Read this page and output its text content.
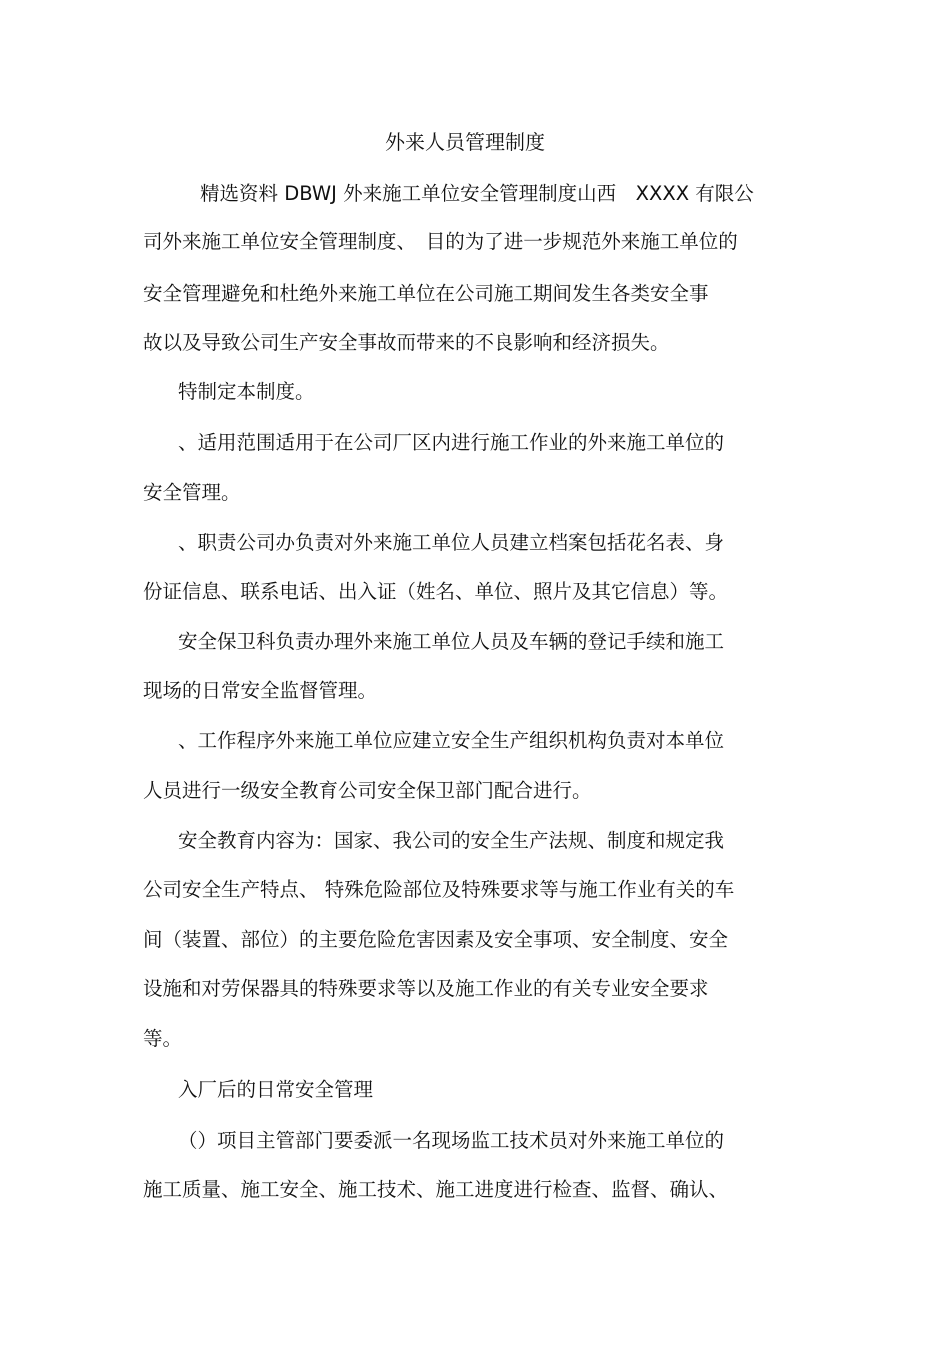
外来人员管理制度
精选资料 DBWJ 外来施工单位安全管理制度山西　XXXX 有限公
司外来施工单位安全管理制度、　目的为了进一步规范外来施工单位的
安全管理避免和杜绝外来施工单位在公司施工期间发生各类安全事
故以及导致公司生产安全事故而带来的不良影响和经济损失。
特制定本制度。
、适用范围适用于在公司厂区内进行施工作业的外来施工单位的
安全管理。
、职责公司办负责对外来施工单位人员建立档案包括花名表、身
份证信息、联系电话、出入证（姓名、单位、照片及其它信息）等。
安全保卫科负责办理外来施工单位人员及车辆的登记手续和施工
现场的日常安全监督管理。
、工作程序外来施工单位应建立安全生产组织机构负责对本单位
人员进行一级安全教育公司安全保卫部门配合进行。
安全教育内容为：国家、我公司的安全生产法规、制度和规定我
公司安全生产特点、 特殊危险部位及特殊要求等与施工作业有关的车
间（装置、部位）的主要危险危害因素及安全事项、安全制度、安全
设施和对劳保器具的特殊要求等以及施工作业的有关专业安全要求
等。
入厂后的日常安全管理
（）项目主管部门要委派一名现场监工技术员对外来施工单位的
施工质量、施工安全、施工技术、施工进度进行检查、监督、确认、
